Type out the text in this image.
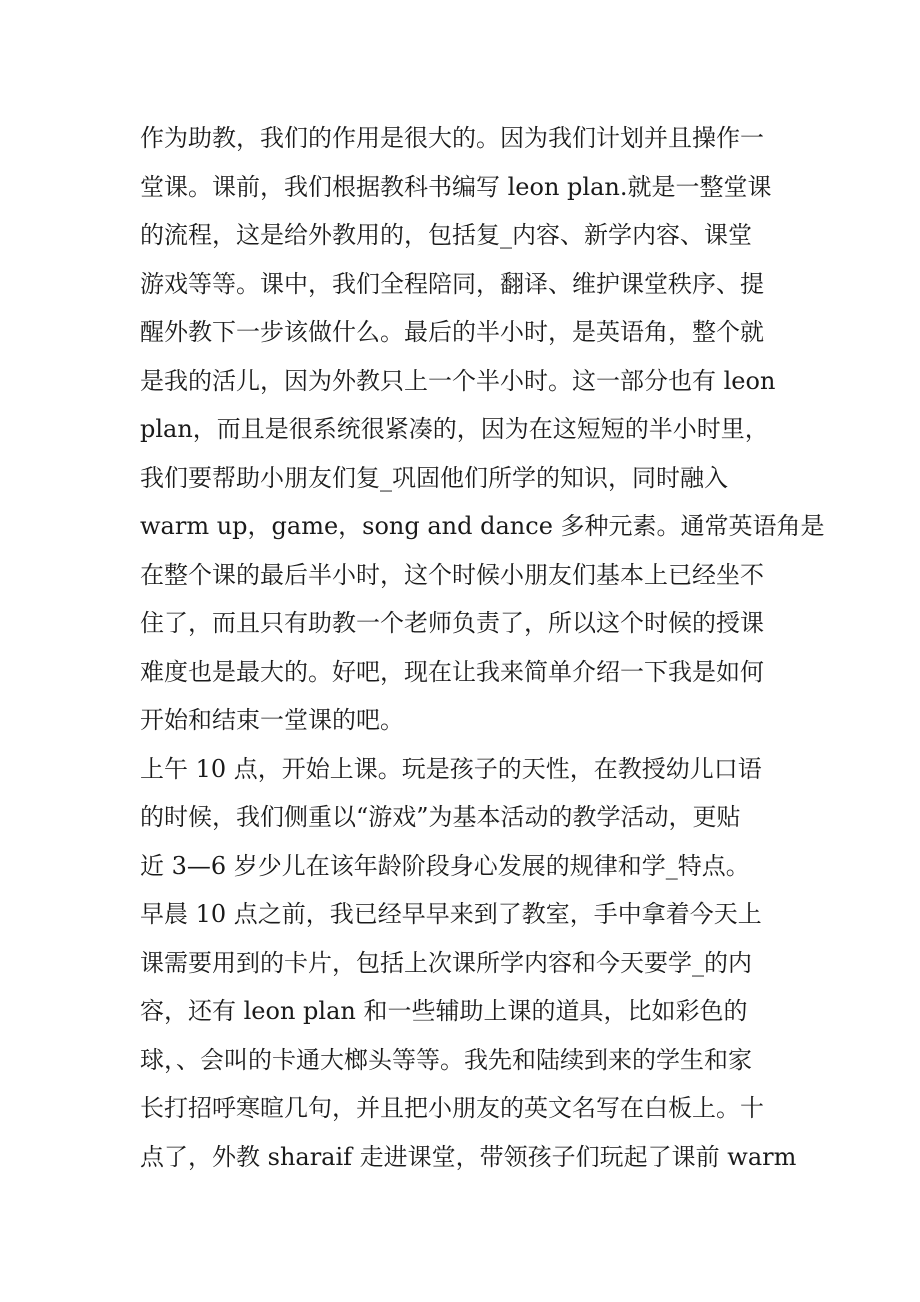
作为助教，我们的作用是很大的。因为我们计划并且操作一
堂课。课前，我们根据教科书编写 leon plan.就是一整堂课
的流程，这是给外教用的，包括复_内容、新学内容、课堂
游戏等等。课中，我们全程陪同，翻译、维护课堂秩序、提
醒外教下一步该做什么。最后的半小时，是英语角，整个就
是我的活儿，因为外教只上一个半小时。这一部分也有 leon
plan，而且是很系统很紧凑的，因为在这短短的半小时里，
我们要帮助小朋友们复_巩固他们所学的知识，同时融入
warm up，game，song and dance 多种元素。通常英语角是
在整个课的最后半小时，这个时候小朋友们基本上已经坐不
住了，而且只有助教一个老师负责了，所以这个时候的授课
难度也是最大的。好吧，现在让我来简单介绍一下我是如何
开始和结束一堂课的吧。
上午 10 点，开始上课。玩是孩子的天性，在教授幼儿口语
的时候，我们侧重以“游戏”为基本活动的教学活动，更贴
近 3—6 岁少儿在该年龄阶段身心发展的规律和学_特点。
早晨 10 点之前，我已经早早来到了教室，手中拿着今天上
课需要用到的卡片，包括上次课所学内容和今天要学_的内
容，还有 leon plan 和一些辅助上课的道具，比如彩色的
球，、会叫的卡通大榔头等等。我先和陆续到来的学生和家
长打招呼寒暄几句，并且把小朋友的英文名写在白板上。十
点了，外教 sharaif 走进课堂，带领孩子们玩起了课前 warm
